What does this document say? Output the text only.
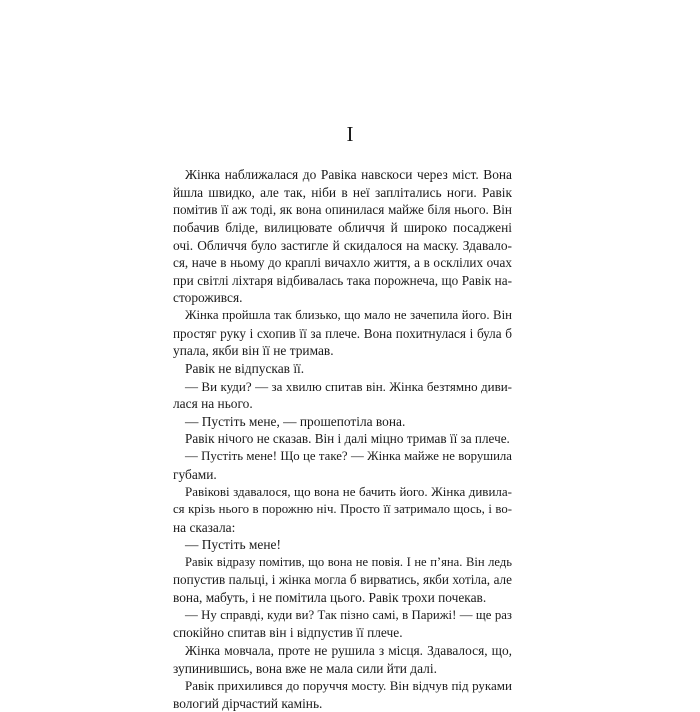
I
Жінка наближалася до Равіка навскоси через міст. Вона
йшла швидко, але так, ніби в неї заплітались ноги. Равік
помітив її аж тоді, як вона опинилася майже біля нього. Він
побачив бліде, вилицювате обличчя й широко посаджені
очі. Обличчя було застигле й скидалося на маску. Здавало-
ся, наче в ньому до краплі вичахло життя, а в осклілих очах
при світлі ліхтаря відбивалась така порожнеча, що Равік на-
сторожився.
Жінка пройшла так близько, що мало не зачепила його. Він
простяг руку і схопив її за плече. Вона похитнулася і була б
упала, якби він її не тримав.
Равік не відпускав її.
— Ви куди? — за хвилю спитав він. Жінка безтямно диви-
лася на нього.
— Пустіть мене, — прошепотіла вона.
Равік нічого не сказав. Він і далі міцно тримав її за плече.
— Пустіть мене! Що це таке? — Жінка майже не ворушила
губами.
Равікові здавалося, що вона не бачить його. Жінка дивила-
ся крізь нього в порожню ніч. Просто її затримало щось, і во-
на сказала:
— Пустіть мене!
Равік відразу помітив, що вона не повія. І не п’яна. Він ледь
попустив пальці, і жінка могла б вирватись, якби хотіла, але
вона, мабуть, і не помітила цього. Равік трохи почекав.
— Ну справді, куди ви? Так пізно самі, в Парижі! — ще раз
спокійно спитав він і відпустив її плече.
Жінка мовчала, проте не рушила з місця. Здавалося, що,
зупинившись, вона вже не мала сили йти далі.
Равік прихилився до поруччя мосту. Він відчув під руками
вологий дірчастий камінь.
